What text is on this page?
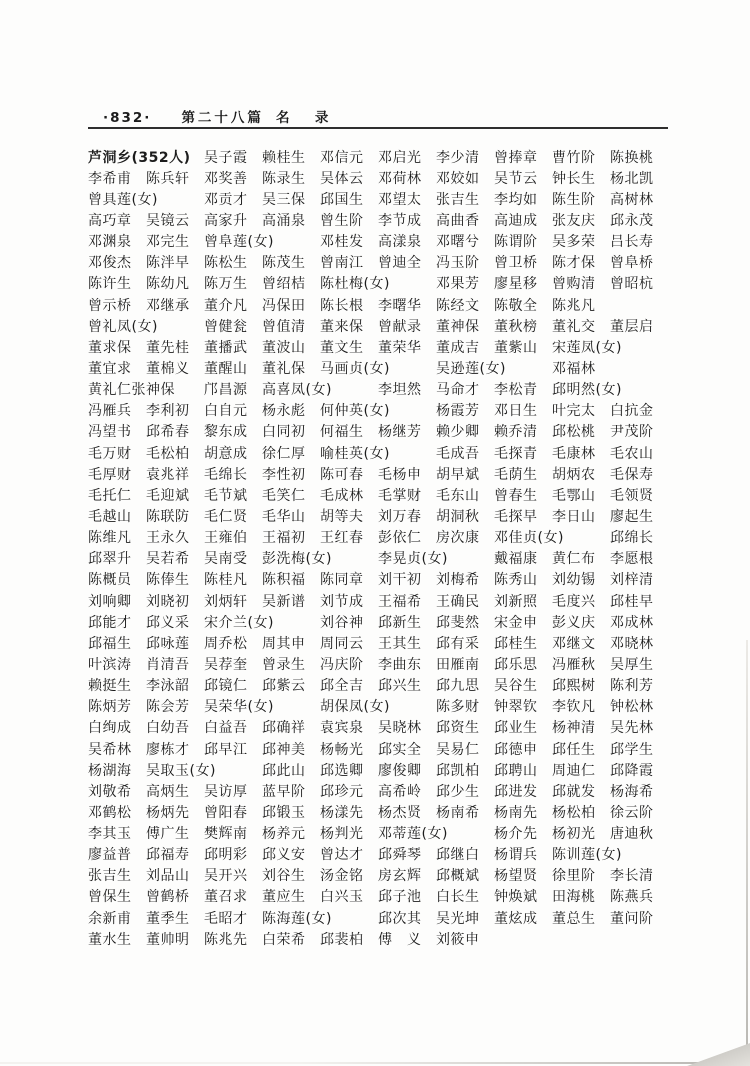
·832· 第二十八篇 名　录
芦洞乡(352人) 吴子霞	赖桂生	邓信元	邓启光	李少清	曾捧章	曹竹阶	陈换桃
李希甫	陈兵轩	邓奖善	陈录生	吴体云	邓荷林	邓姣如	吴节云	钟长生	杨北凯
曾具莲(女)	邓贡才	吴三保	邱国生	邓望太	张吉生	李均如	陈生阶	高树林
高巧章	吴镜云	高家升	高涌泉	曾生阶	李节成	高曲香	高迪成	张友庆	邱永茂
邓渊泉	邓完生	曾阜莲(女)	邓桂发	高漾泉	邓曙兮	陈谓阶	吴多荣	吕长寿
邓俊杰	陈泮早	陈松生	陈茂生	曾南江	曾迪全	冯玉阶	曾卫桥	陈才保	曾阜桥
陈许生	陈幼凡	陈万生	曾绍桔	陈杜梅(女)	邓果芳	廖星移	曾购清	曾昭杭
曾示桥	邓继承	董介凡	冯保田	陈长根	李曙华	陈经文	陈敬全	陈兆凡
曾礼凤(女)	曾健瓮	曾值清	董来保	曾献录	董神保	董秋榜	董礼交	董层启
董求保	董先桂	董播武	董波山	董文生	董荣华	董成吉	董紫山	宋莲凤(女)
董宜求	董棉义	董醒山	董礼保	马画贞(女)	吴逊莲(女)	邓福林
黄礼仁张神保	邝昌源	高喜凤(女)	李坦然	马命才	李松青	邱明然(女)
冯雁兵	李利初	白自元	杨永彪	何仲英(女)	杨霞芳	邓日生	叶完太	白抗金
冯望书	邱希春	黎东成	白同初	何福生	杨继芳	赖少卿	赖乔清	邱松桃	尹茂阶
毛万财	毛松柏	胡意成	徐仁厚	喻桂英(女)	毛成吾	毛探青	毛康林	毛农山
毛厚财	袁兆祥	毛绵长	李性初	陈可春	毛杨申	胡早斌	毛荫生	胡炳农	毛保寿
毛托仁	毛迎斌	毛节斌	毛笑仁	毛成林	毛掌财	毛东山	曾春生	毛鄂山	毛领贤
毛越山	陈联防	毛仁贤	毛华山	胡等夫	刘万春	胡洞秋	毛探早	李日山	廖起生
陈维凡	王永久	王雍伯	王福初	王红春	彭依仁	房次康	邓佳贞(女)	邱绵长
邱翠升	吴若希	吴南受	彭洗梅(女)	李晃贞(女)	戴福康	黄仁布	李愿根
陈概员	陈俸生	陈桂凡	陈积福	陈同章	刘干初	刘梅希	陈秀山	刘幼锡	刘梓清
刘响卿	刘晓初	刘炳轩	吴新谱	刘节成	王福希	王确民	刘新照	毛度兴	邱桂早
邱能才	邱义采	宋介兰(女)	刘谷神	邱新生	邱斐然	宋金申	彭义庆	邓成林
邱福生	邱咏莲	周乔松	周其申	周同云	王其生	邱有采	邱桂生	邓继文	邓晓林
叶滨涛	肖清吾	吴荐奎	曾录生	冯庆阶	李曲东	田雁南	邱乐思	冯雁秋	吴厚生
赖挺生	李泳韶	邱镜仁	邱紫云	邱全吉	邱兴生	邱九思	吴谷生	邱熙树	陈利芳
陈炳芳	陈会芳	吴荣华(女)	胡保凤(女)	陈多财	钟翠钦	李钦凡	钟松林
白绚成	白幼吾	白益吾	邱确祥	袁宾泉	吴晓林	邱资生	邱业生	杨神清	吴先林
吴希林	廖栋才	邱早江	邱神美	杨畅光	邱实全	吴易仁	邱德申	邱任生	邱学生
杨湖海	吴取玉(女)	邱此山	邱选卿	廖俊卿	邱凯柏	邱聘山	周迪仁	邱降霞
刘敬希	高炳生	吴访厚	蓝早阶	邱珍元	高希岭	邱少生	邱进发	邱就发	杨海希
邓鹤松	杨炳先	曾阳春	邱锻玉	杨漾先	杨杰贤	杨南希	杨南先	杨松柏	徐云阶
李其玉	傅广生	樊辉南	杨养元	杨判光	邓蒂莲(女)	杨介先	杨初光	唐迪秋
廖益普	邱福寿	邱明彩	邱义安	曾达才	邱舜琴	邱继白	杨谓兵	陈训莲(女)
张吉生	刘品山	吴开兴	刘谷生	汤金铭	房玄辉	邱概斌	杨望贤	徐里阶	李长清
曾保生	曾鹤桥	董召求	董应生	白兴玉	邱子池	白长生	钟焕斌	田海桃	陈燕兵
余新甫	董季生	毛昭才	陈海莲(女)	邱次其	吴光坤	董炫成	董总生	董问阶
董水生	董帅明	陈兆先	白荣希	邱裴柏	傅　义	刘筱申
